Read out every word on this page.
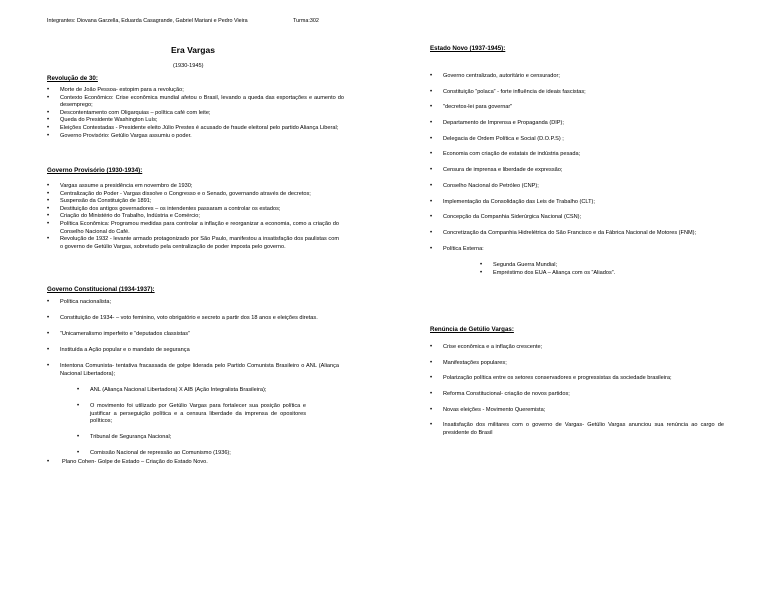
Integrantes: Diovana Garzella, Eduarda Casagrande, Gabriel Mariani e Pedro Vieira	Turma:302
Era Vargas
(1930-1945)
Revolução de 30:
• Morte de João Pessoa- estopim para a revolução;
• Contexto Econômico: Crise econômica mundial afetou o Brasil, levando a queda das exportações e aumento do desemprego;
• Descontentamento com Oligarquias – política café com leite;
• Queda do Presidente Washington Luís;
• Eleições Contestadas - Presidente eleito Júlio Prestes é acusado de fraude eleitoral pelo partido Aliança Liberal;
• Governo Provisório: Getúlio Vargas assumiu o poder.
Governo Provisório (1930-1934):
• Vargas assume a presidência em novembro de 1930;
• Centralização do Poder - Vargas dissolve o Congresso e o Senado, governando através de decretos;
• Suspensão da Constituição de 1891;
• Destituição dos antigos governadores – os intendentes passaram a controlar os estados;
• Criação do Ministério do Trabalho, Indústria e Comércio;
• Política Econômica: Programou medidas para controlar a inflação e reorganizar a economia, como a criação do Conselho Nacional do Café.
• Revolução de 1932 - levante armado protagonizado por São Paulo, manifestou a insatisfação dos paulistas com o governo de Getúlio Vargas, sobretudo pela centralização de poder imposta pelo governo.
Governo Constitucional (1934-1937):
• Política nacionalista;
• Constituição de 1934- – voto feminino, voto obrigatório e secreto a partir dos 18 anos e eleições diretas.
• “Unicameralismo imperfeito e “deputados classistas”
• Instituída a Ação popular e o mandato de segurança
• Intentona Comunista- tentativa fracassada de golpe liderada pelo Partido Comunista Brasileiro o ANL (Aliança Nacional Libertadora);
• ANL (Aliança Nacional Libertadora) X AIB (Ação Integralista Brasileira);
• O movimento foi utilizado por Getúlio Vargas para fortalecer sua posição política e justificar a perseguição política e a censura liberdade da imprensa de opositores políticos;
• Tribunal de Segurança Nacional;
• Comissão Nacional de repressão ao Comunismo (1936);
• Plano Cohen- Golpe de Estado – Criação do Estado Novo.
Estado Novo (1937-1945):
• Governo centralizado, autoritário e censurador;
• Constituição “polaca” - forte influência de ideais fascistas;
• "decretos-lei para governar"
• Departamento de Imprensa e Propaganda (DIP);
• Delegacia de Ordem Política e Social (D.O.P.S) ;
• Economia com criação de estatais de indústria pesada;
• Censura de imprensa e liberdade de expressão;
• Conselho Nacional do Petróleo (CNP);
• Implementação da Consolidação das Leis de Trabalho (CLT);
• Concepção da Companhia Siderúrgica Nacional (CSN);
• Concretização da Companhia Hidrelétrica do São Francisco e da Fábrica Nacional de Motores (FNM);
• Política Externa:
• Segunda Guerra Mundial;
• Empréstimo dos EUA – Aliança com os “Aliados”.
Renúncia de Getúlio Vargas:
• Crise econômica e a inflação crescente;
• Manifestações populares;
• Polarização política entre os setores conservadores e progressistas da sociedade brasileira;
• Reforma Constitucional- criação de novos partidos;
• Novas eleições - Movimento Queremista;
• Insatisfação dos militares com o governo de Vargas- Getúlio Vargas anunciou sua renúncia ao cargo de presidente do Brasil
